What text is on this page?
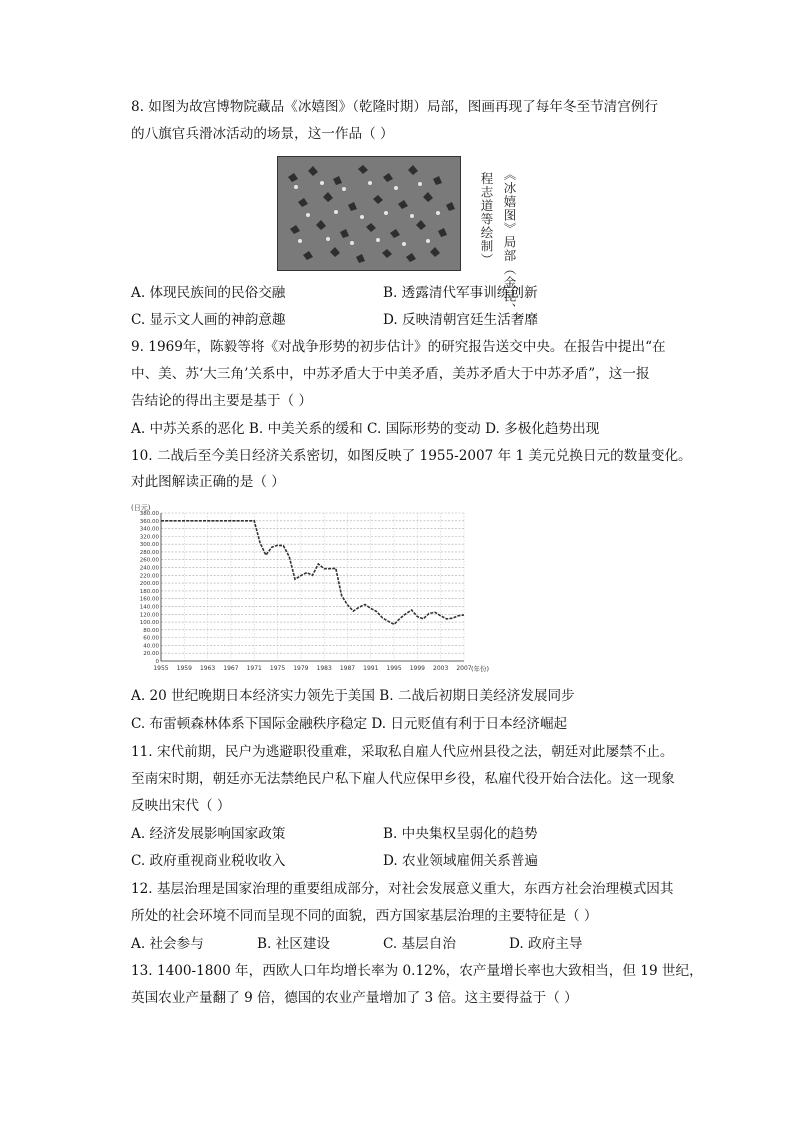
8. 如图为故宫博物院藏品《冰嬉图》（乾隆时期）局部，图画再现了每年冬至节清宫例行
的八旗官兵滑冰活动的场景，这一作品（ ）
《冰嬉图》局部（金昆、
程志道等绘制）
A. 体现民族间的民俗交融	B. 透露清代军事训练创新
C. 显示文人画的神韵意趣	D. 反映清朝宫廷生活奢靡
9. 1969年，陈毅等将《对战争形势的初步估计》的研究报告送交中央。在报告中提出“在
中、美、苏‘大三角’关系中，中苏矛盾大于中美矛盾，美苏矛盾大于中苏矛盾”，这一报
告结论的得出主要是基于（ ）
A. 中苏关系的恶化 B. 中美关系的缓和 C. 国际形势的变动 D. 多极化趋势出现
10. 二战后至今美日经济关系密切，如图反映了 1955-2007 年 1 美元兑换日元的数量变化。
对此图解读正确的是（ ）
0
20.00
40.00
60.00
80.00
100.00
120.00
140.00
160.00
180.00
200.00
220.00
240.00
260.00
280.00
300.00
320.00
340.00
360.00
380.00
1955 1959 1963 1967 1971 1975 1979 1983 1987 1991 1995 1999 2003 2007
(日元)
(年份)
A. 20 世纪晚期日本经济实力领先于美国 B. 二战后初期日美经济发展同步
C. 布雷顿森林体系下国际金融秩序稳定 D. 日元贬值有利于日本经济崛起
11. 宋代前期，民户为逃避职役重难，采取私自雇人代应州县役之法，朝廷对此屡禁不止。
至南宋时期，朝廷亦无法禁绝民户私下雇人代应保甲乡役，私雇代役开始合法化。这一现象
反映出宋代（ ）
A. 经济发展影响国家政策	B. 中央集权呈弱化的趋势
C. 政府重视商业税收收入	D. 农业领域雇佣关系普遍
12. 基层治理是国家治理的重要组成部分，对社会发展意义重大，东西方社会治理模式因其
所处的社会环境不同而呈现不同的面貌，西方国家基层治理的主要特征是（ ）
A. 社会参与	B. 社区建设	C. 基层自治	D. 政府主导
13. 1400-1800 年，西欧人口年均增长率为 0.12%，农产量增长率也大致相当，但 19 世纪，
英国农业产量翻了 9 倍，德国的农业产量增加了 3 倍。这主要得益于（ ）
